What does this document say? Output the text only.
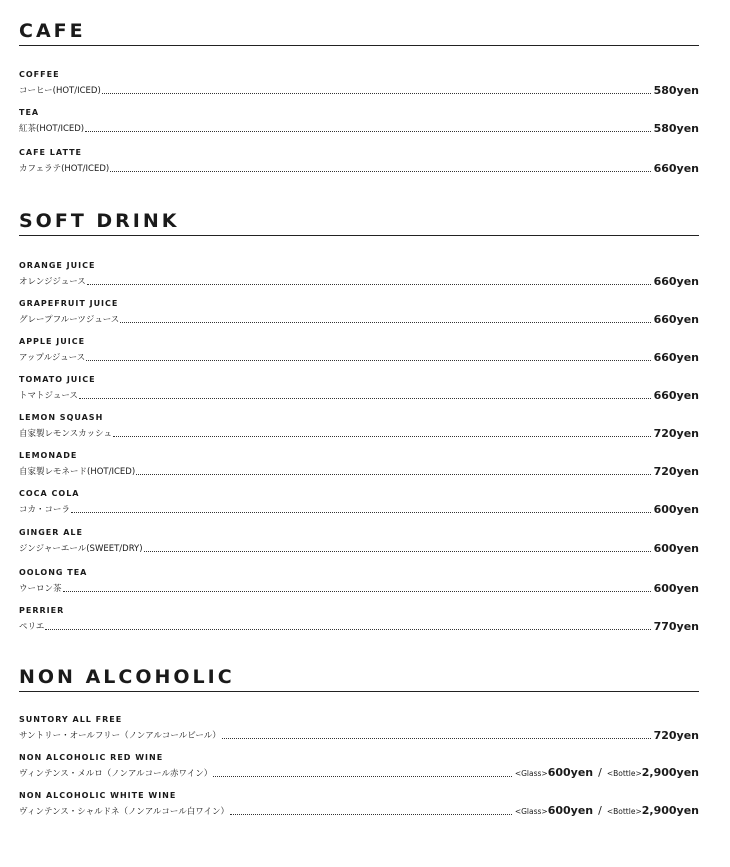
CAFE
COFFEE
コーヒー(HOT/ICED)	580yen
TEA
紅茶(HOT/ICED)	580yen
CAFE LATTE
カフェラテ(HOT/ICED)	660yen
SOFT DRINK
ORANGE JUICE
オレンジジュース	660yen
GRAPEFRUIT JUICE
グレープフルーツジュース	660yen
APPLE JUICE
アップルジュース	660yen
TOMATO JUICE
トマトジュース	660yen
LEMON SQUASH
自家製レモンスカッシュ	720yen
LEMONADE
自家製レモネード(HOT/ICED)	720yen
COCA COLA
コカ・コーラ	600yen
GINGER ALE
ジンジャーエール(SWEET/DRY)	600yen
OOLONG TEA
ウーロン茶	600yen
PERRIER
ペリエ	770yen
NON ALCOHOLIC
SUNTORY ALL FREE
サントリー・オールフリー（ノンアルコールビール）	720yen
NON ALCOHOLIC RED WINE
ヴィンテンス・メルロ（ノンアルコール赤ワイン）	<Glass>600yen / <Bottle>2,900yen
NON ALCOHOLIC WHITE WINE
ヴィンテンス・シャルドネ（ノンアルコール白ワイン）	<Glass>600yen / <Bottle>2,900yen
